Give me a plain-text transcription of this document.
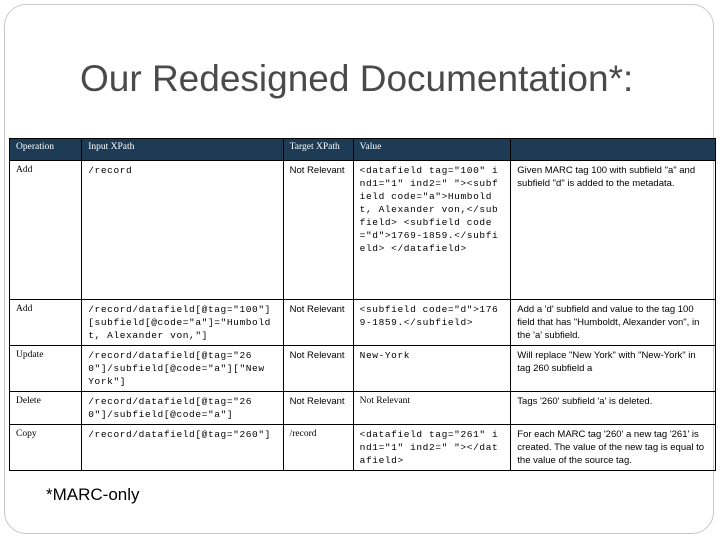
Our Redesigned Documentation*:
Operation	Input XPath	Target XPath	Value	
Add	/record	Not Relevant	<datafield tag="100" ind1="1" ind2=" "><subfield code="a">Humboldt, Alexander von,</subfield> <subfield code="d">1769-1859.</subfield> </datafield>	Given MARC tag 100 with subfield "a" and subfield "d" is added to the metadata.
Add	/record/datafield[@tag="100"][subfield[@code="a"]="Humboldt, Alexander von,"]	Not Relevant	<subfield code="d">1769-1859.</subfield>	Add a 'd' subfield and value to the tag 100 field that has "Humboldt, Alexander von", in the 'a' subfield.
Update	/record/datafield[@tag="260"]/subfield[@code="a"]["New York"]	Not Relevant	New-York	Will replace "New York" with "New-York" in tag 260 subfield a
Delete	/record/datafield[@tag="260"]/subfield[@code="a"]	Not Relevant	Not Relevant	Tags '260' subfield 'a' is deleted.
Copy	/record/datafield[@tag="260"]	/record	<datafield tag="261" ind1="1" ind2=" "></datafield>	For each MARC tag '260' a new tag '261' is created. The value of the new tag is equal to the value of the source tag.
*MARC-only
